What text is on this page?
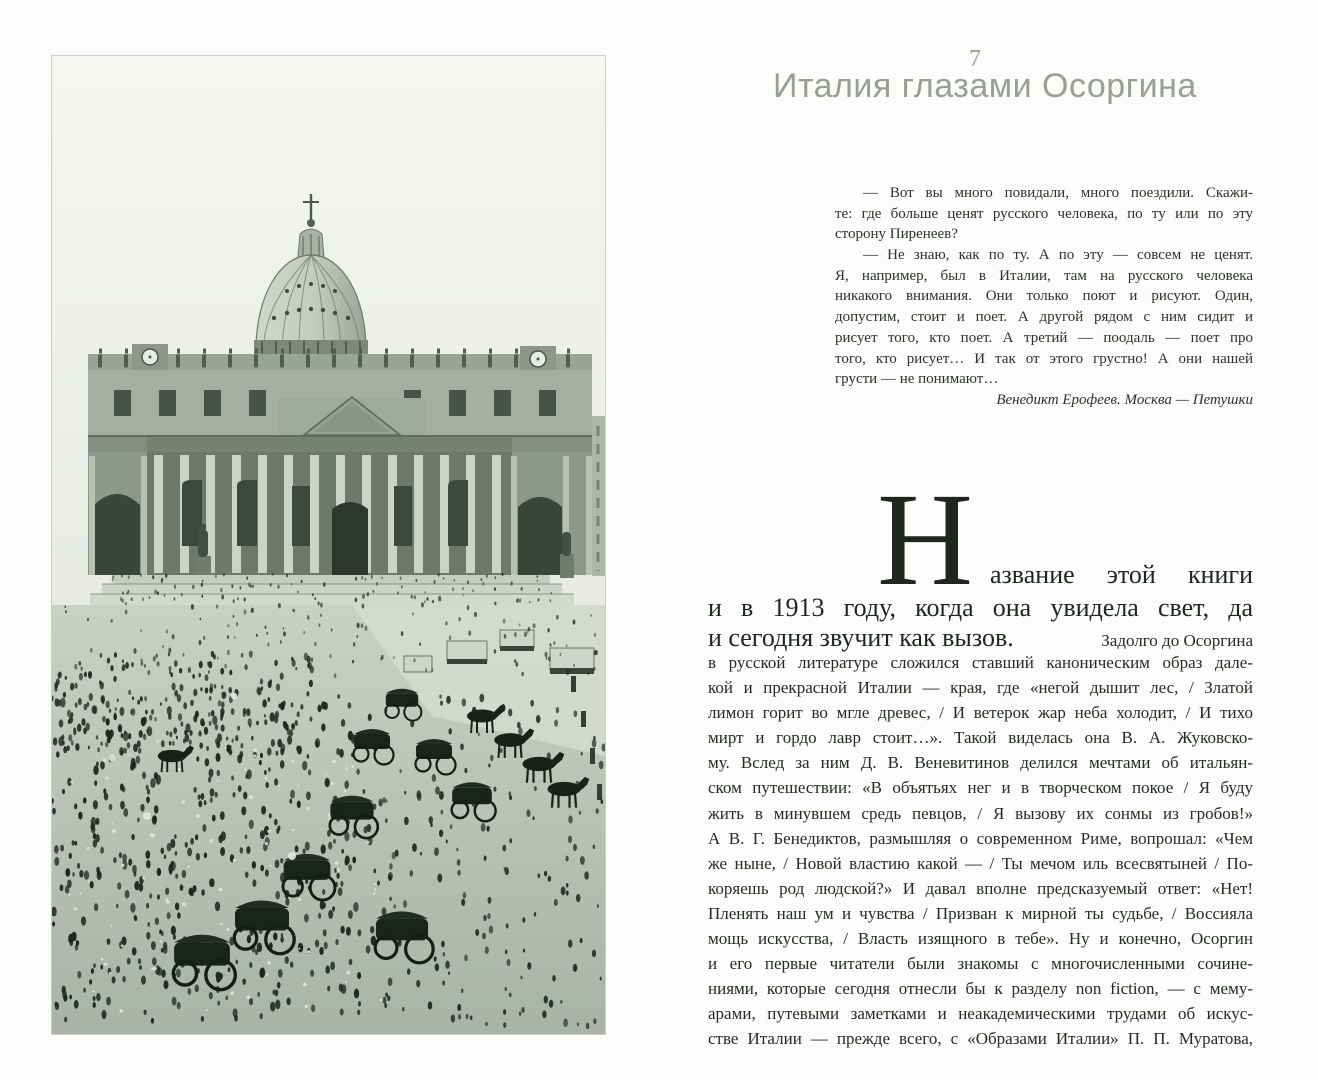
7
Италия глазами Осоргина
— Вот вы много повидали, много поездили. Скажи-
те: где больше ценят русского человека, по ту или по эту
сторону Пиренеев?
— Не знаю, как по ту. А по эту — совсем не ценят.
Я, например, был в Италии, там на русского человека
никакого внимания. Они только поют и рисуют. Один,
допустим, стоит и поет. А другой рядом с ним сидит и
рисует того, кто поет. А третий — поодаль — поет про
того, кто рисует… И так от этого грустно! А они нашей
грусти — не понимают…
Венедикт Ерофеев. Москва — Петушки
Н азвание этой книги
и в 1913 году, когда она увидела свет, да
и сегодня звучит как вызов.	Задолго до Осоргина
в русской литературе сложился ставший каноническим образ дале-
кой и прекрасной Италии — края, где «негой дышит лес, / Златой
лимон горит во мгле древес, / И ветерок жар неба холодит, / И тихо
мирт и гордо лавр стоит…». Такой виделась она В. А. Жуковско-
му. Вслед за ним Д. В. Веневитинов делился мечтами об итальян-
ском путешествии: «В объятьях нег и в творческом покое / Я буду
жить в минувшем средь певцов, / Я вызову их сонмы из гробов!»
А В. Г. Бенедиктов, размышляя о современном Риме, вопрошал: «Чем
же ныне, / Новой властию какой — / Ты мечом иль всесвятыней / По-
коряешь род людской?» И давал вполне предсказуемый ответ: «Нет!
Пленять наш ум и чувства / Призван к мирной ты судьбе, / Воссияла
мощь искусства, / Власть изящного в тебе». Ну и конечно, Осоргин
и его первые читатели были знакомы с многочисленными сочине-
ниями, которые сегодня отнесли бы к разделу non fiction, — с мему-
арами, путевыми заметками и неакадемическими трудами об искус-
стве Италии — прежде всего, с «Образами Италии» П. П. Муратова,
